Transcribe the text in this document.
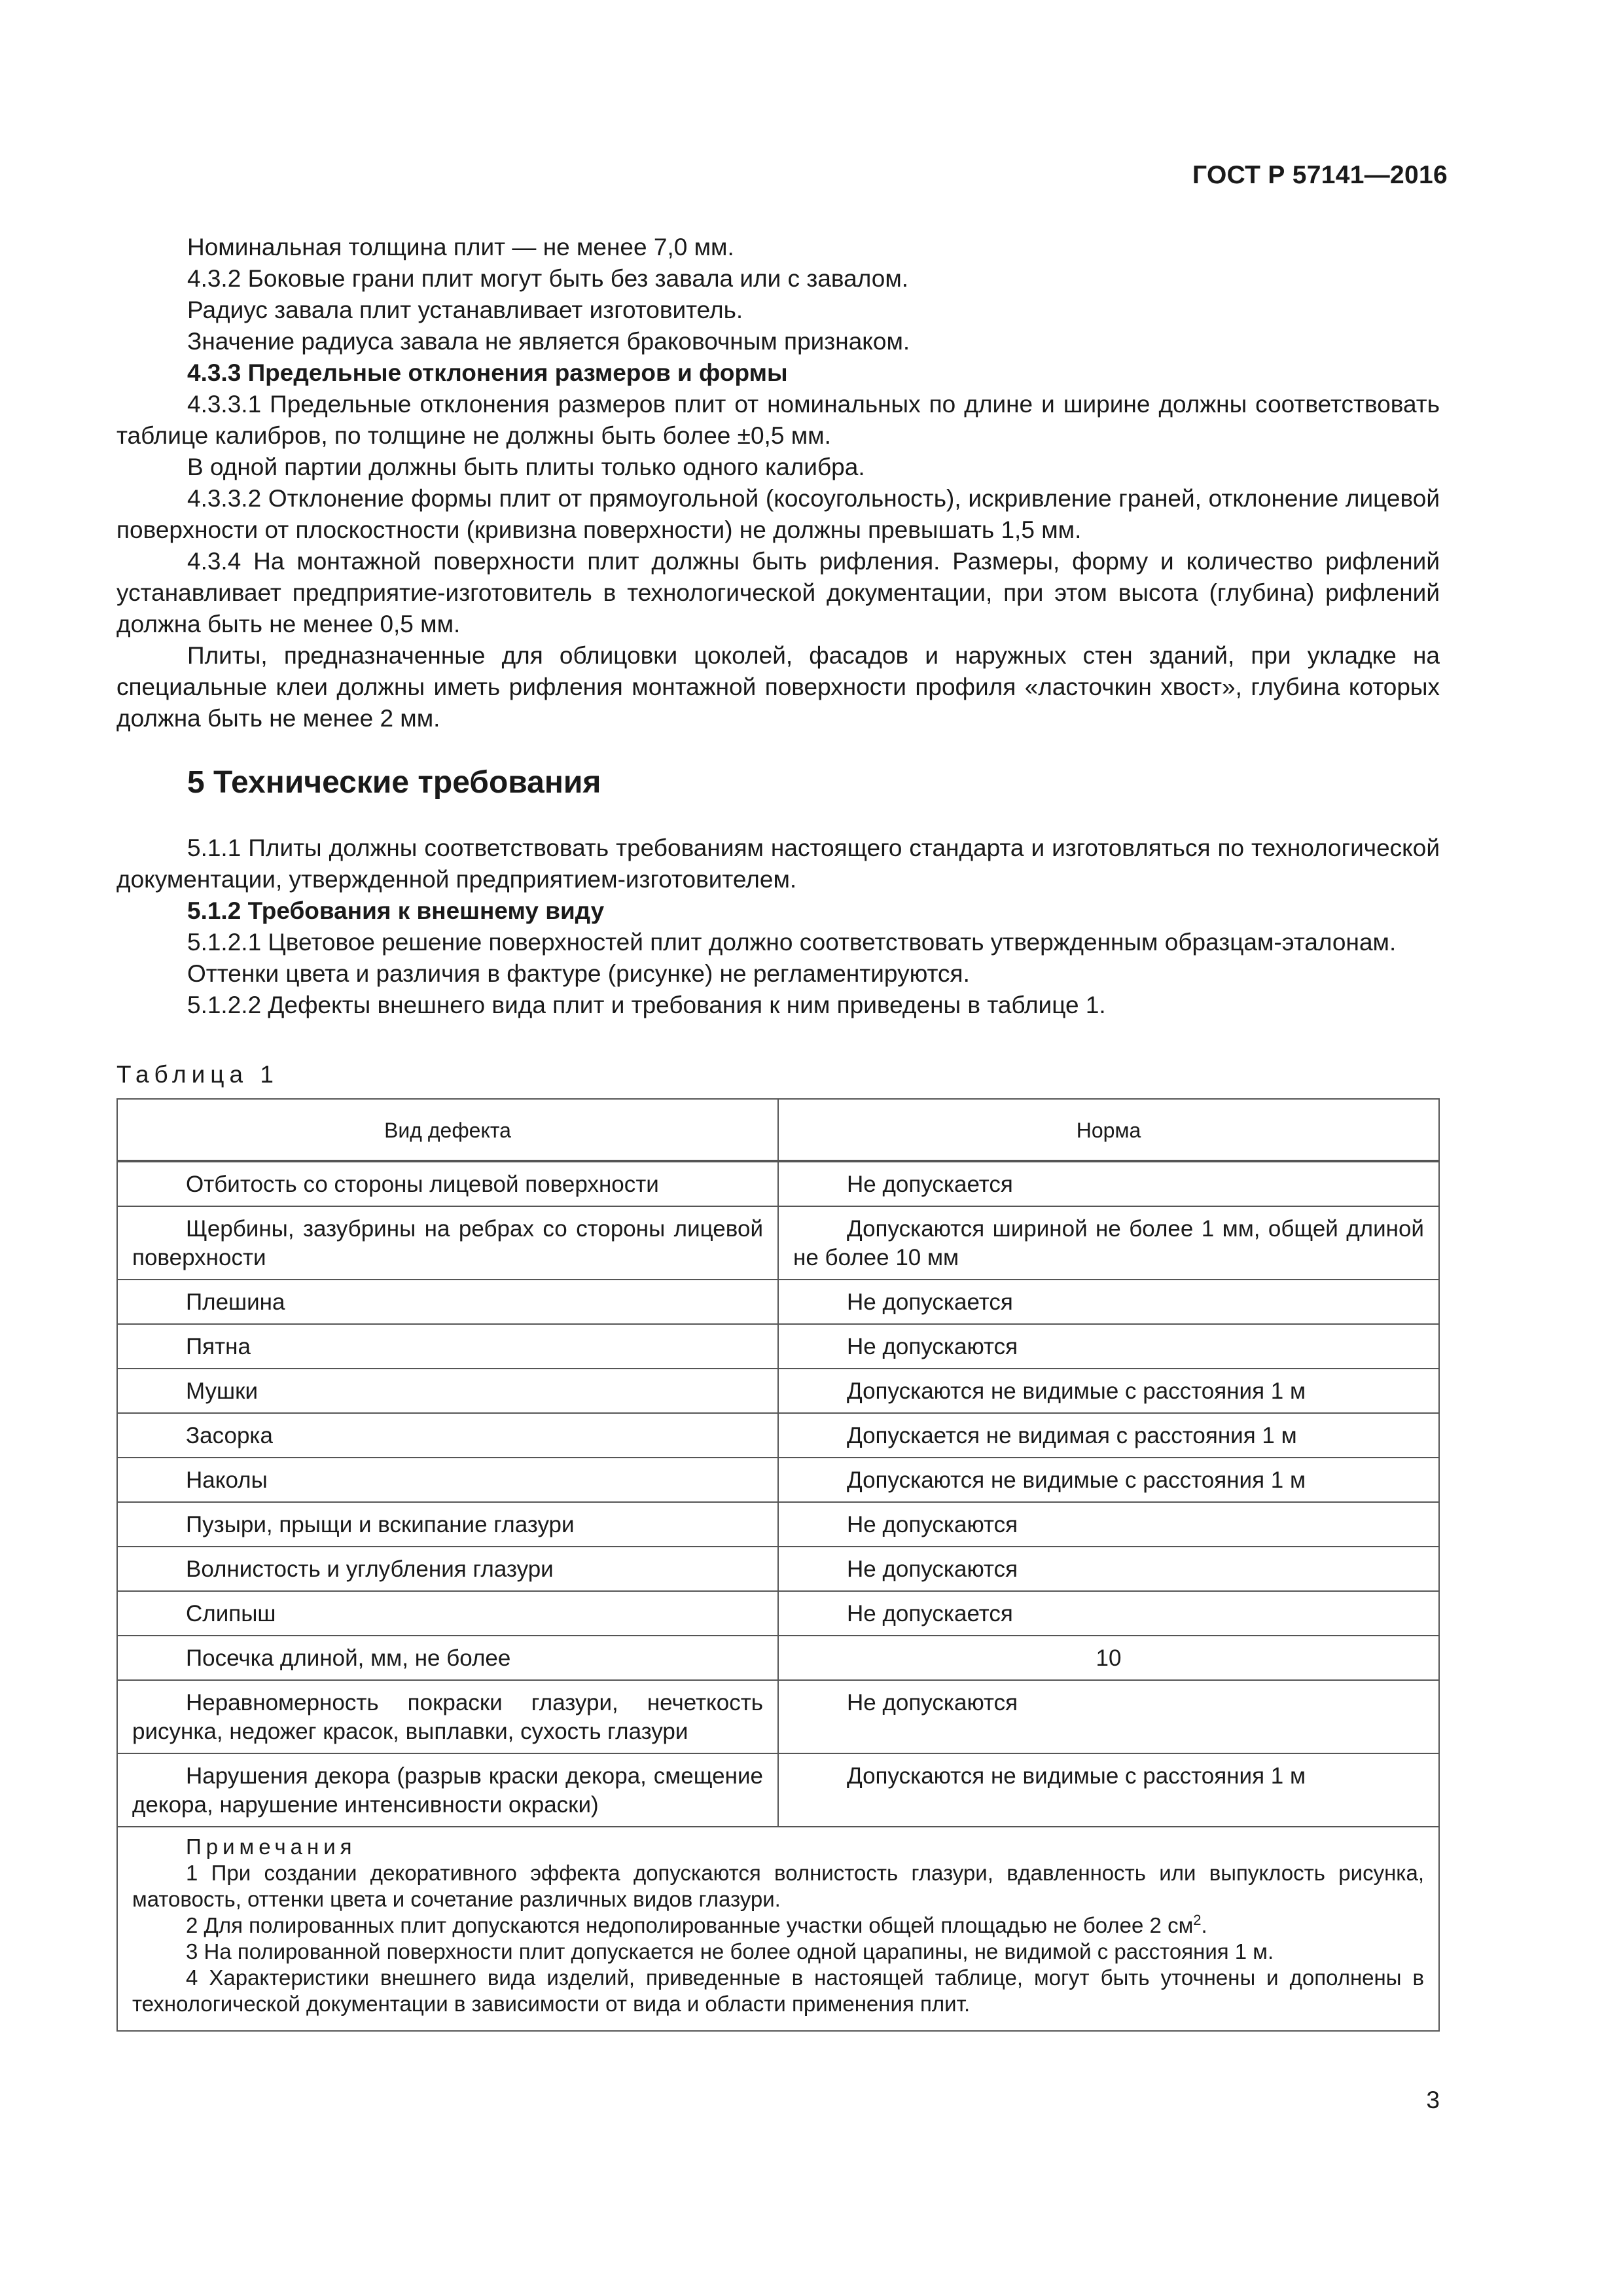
ГОСТ Р 57141—2016

Номинальная толщина плит — не менее 7,0 мм.

4.3.2 Боковые грани плит могут быть без завала или с завалом.

Радиус завала плит устанавливает изготовитель.

Значение радиуса завала не является браковочным признаком.

4.3.3 Предельные отклонения размеров и формы

4.3.3.1 Предельные отклонения размеров плит от номинальных по длине и ширине должны соответствовать таблице калибров, по толщине не должны быть более ±0,5 мм.

В одной партии должны быть плиты только одного калибра.

4.3.3.2 Отклонение формы плит от прямоугольной (косоугольность), искривление граней, отклонение лицевой поверхности от плоскостности (кривизна поверхности) не должны превышать 1,5 мм.

4.3.4 На монтажной поверхности плит должны быть рифления. Размеры, форму и количество рифлений устанавливает предприятие-изготовитель в технологической документации, при этом высота (глубина) рифлений должна быть не менее 0,5 мм.

Плиты, предназначенные для облицовки цоколей, фасадов и наружных стен зданий, при укладке на специальные клеи должны иметь рифления монтажной поверхности профиля «ласточкин хвост», глубина которых должна быть не менее 2 мм.

5 Технические требования

5.1.1 Плиты должны соответствовать требованиям настоящего стандарта и изготовляться по технологической документации, утвержденной предприятием-изготовителем.

5.1.2 Требования к внешнему виду

5.1.2.1 Цветовое решение поверхностей плит должно соответствовать утвержденным образцам-эталонам.

Оттенки цвета и различия в фактуре (рисунке) не регламентируются.

5.1.2.2 Дефекты внешнего вида плит и требования к ним приведены в таблице 1.

Таблица 1
Вид дефекта	Норма
Отбитость со стороны лицевой поверхности	Не допускается
Щербины, зазубрины на ребрах со стороны лицевой поверхности	Допускаются шириной не более 1 мм, общей длиной не более 10 мм
Плешина	Не допускается
Пятна	Не допускаются
Мушки	Допускаются не видимые с расстояния 1 м
Засорка	Допускается не видимая с расстояния 1 м
Наколы	Допускаются не видимые с расстояния 1 м
Пузыри, прыщи и вскипание глазури	Не допускаются
Волнистость и углубления глазури	Не допускаются
Слипыш	Не допускается
Посечка длиной, мм, не более	10
Неравномерность покраски глазури, нечеткость рисунка, недожег красок, выплавки, сухость глазури	Не допускаются
Нарушения декора (разрыв краски декора, смещение декора, нарушение интенсивности окраски)	Допускаются не видимые с расстояния 1 м

Примечания

1 При создании декоративного эффекта допускаются волнистость глазури, вдавленность или выпуклость рисунка, матовость, оттенки цвета и сочетание различных видов глазури.

2 Для полированных плит допускаются недополированные участки общей площадью не более 2 $см^2$.

3 На полированной поверхности плит допускается не более одной царапины, не видимой с расстояния 1 м.

4 Характеристики внешнего вида изделий, приведенные в настоящей таблице, могут быть уточнены и дополнены в технологической документации в зависимости от вида и области применения плит.	

3
